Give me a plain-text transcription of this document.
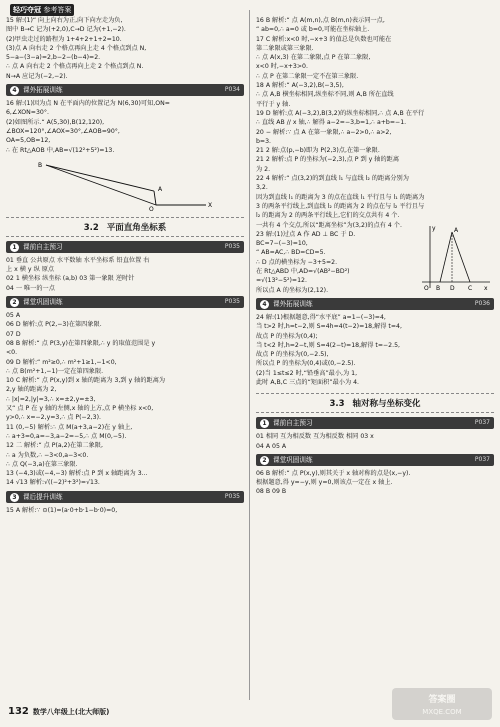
轻巧夺冠 参考答案
15 解:(1)“ 向上向右为正,向下向左走为负,
图中 B→C 记为(+2,0),C→D 记为(+1,−2).
(2)甲虫走过的路程为 1+4+2+1+2=10.
(3)点 A 向右走 2 个格点再向上走 4 个格点到点 N,
5−a−(3−a)=2,b−2−(b−4)=2.
∴ 点 A 向右走 2 个格点再向上走 2 个格点到点 N.
N→A 应记为(−2,−2).
4 课外拓展训练	P034
16 解:(1)因为点 N 在平面内的位置记为 N(6,30)可知,ON=
6,∠XON=30°.
(2)如图所示.“ A(5,30),B(12,120),
∠BOX=120°,∠AOX=30°,∠AOB=90°,
OA=5,OB=12,
∴ 在 Rt△AOB 中,AB=√(12²+5²)=13.
B
A
O
X
3.2 平面直角坐标系
1 课前自主预习	P035
01 垂直 公共原点 水平数轴 水平坐标系 铅直位置 右
上 x 横 y 纵 原点
02 1 横坐标 纵坐标 (a,b) 03 第一象限 逆时针
04 一 唯一的一点
2 课堂巩固训练	P035
05 A
06 D 解析:点 P(2,−3)在第四象限.
07 D
08 B 解析:“ 点 P(3,y)在第四象限,∴ y 的取值范围是 y
<0.
09 D 解析:“ m²≥0,∴ m²+1≥1,−1<0,
∴ 点 B(m²+1,−1)一定在第四象限.
10 C 解析:“ 点 P(x,y)到 x 轴的距离为 3,到 y 轴的距离为
2,y 轴的距离为 2,
∴ |x|=2,|y|=3,∴ x=±2,y=±3,
又“ 点 P 在 y 轴的左侧,x 轴的上方,点 P 横坐标 x<0,
y>0,∴ x=−2,y=3,∴ 点 P(−2,3).
11 (0,−5) 解析:∴ 点 M(a+3,a−2)在 y 轴上,
∴ a+3=0,a=−3,a−2=−5,∴ 点 M(0,−5).
12 二 解析:“ 点 P(a,2)在第二象限,
∴ a 为负数,∴ −3<0,a−3<0.
∴ 点 Q(−3,a)在第三象限.
13 (−4,3)或(−4,−3) 解析:点 P 到 x 轴距离为 3...
14 √13 解析:√((−2)²+3²)=√13.
3 课后提升训练	P035
15 A 解析:∵ ⊙(1)=(a·0+b·1−b·0)=0,
16 B 解析:“ 点 A(m,n),点 B(m,n)表示同一点,
“ ab=0,∴ a=0 或 b=0,可能在坐标轴上.
17 C 解析:x<0 时,−x+3 的值总是负数也可能在
第二象限或第三象限.
∴ 点 A(x,3) 在第二象限,点 P 在第二象限,
x<0 时,−x+3>0.
∴ 点 P 在第二象限一定不在第三象限.
18 A 解析:“ A(−3,2),B(−3,5),
∴ 点 A,B 横坐标相同,纵坐标不同,则 A,B 所在直线
平行于 y 轴.
19 D 解析:点 A(−3,2),B(3,2)的纵坐标相同,∴ 点 A,B 在平行
∴ 直线 AB // x 轴,∴ 解得 a−2=−3,b=1,∴ a+b=−1.
20 − 解析:∵ 点 A 在第一象限,∴ a−2>0,∴ a>2,
b=3.
21 2 解:点(p,−b)即为 P(2,3)点,在第一象限.
21 2 解析:点 P 的坐标为(−2,3),点 P 到 y 轴的距离
为 2.
22 4 解析:“ 点(3,2)的到直线 l₁ 与直线 l₂ 的距离分别为
3,2.
因为到直线 l₁ 的距离为 3 的点在直线 l₁ 平行且与 l₁ 的距离为
3 的两条平行线上,到直线 l₂ 的距离为 2 的点在与 l₂ 平行且与
l₂ 的距离为 2 的两条平行线上,它们的交点共有 4 个.
一共有 4 个交点,所以“距离坐标”为(3,2)的点有 4 个.
23 解:(1)过点 A 作 AD ⊥ BC 于 D.
BC=7−(−3)=10,
“ AB=AC,∴ BD=CD=5.
∴ D 点的横坐标为 −3+5=2.
在 Rt△ABD 中,AD=√(AB²−BD²)
=√(13²−5²)=12.
所以点 A 的坐标为(2,12).
y	A
B
O	D C x
4 课外拓展训练	P036
24 解:(1)根据题意,得“水平底” a=1−(−3)=4,
当 t>2 时,h=t−2,则 S=4h=4(t−2)=18,解得 t=4,
故点 P 的坐标为(0,4);
当 t<2 时,h=2−t,则 S=4(2−t)=18,解得 t=−2.5,
故点 P 的坐标为(0,−2.5),
所以点 P 的坐标为(0,4)或(0,−2.5).
(2)当 1≤t≤2 时,“铅垂高”最小,为 1,
此时 A,B,C 三点的“矩面积”最小为 4.
3.3 轴对称与坐标变化
1 课前自主预习	P037
01 相同 互为相反数 互为相反数 相同 03 x
04 A 05 A
2 课堂巩固训练	P037
06 B 解析:“ 点 P(x,y),则其关于 x 轴对称的点是(x,−y).
根据题意,得 y=−y,则 y=0,则该点一定在 x 轴上.
08 B 09 B
132 数学八年级上(北大师版)
答案圈
MXQE.COM
